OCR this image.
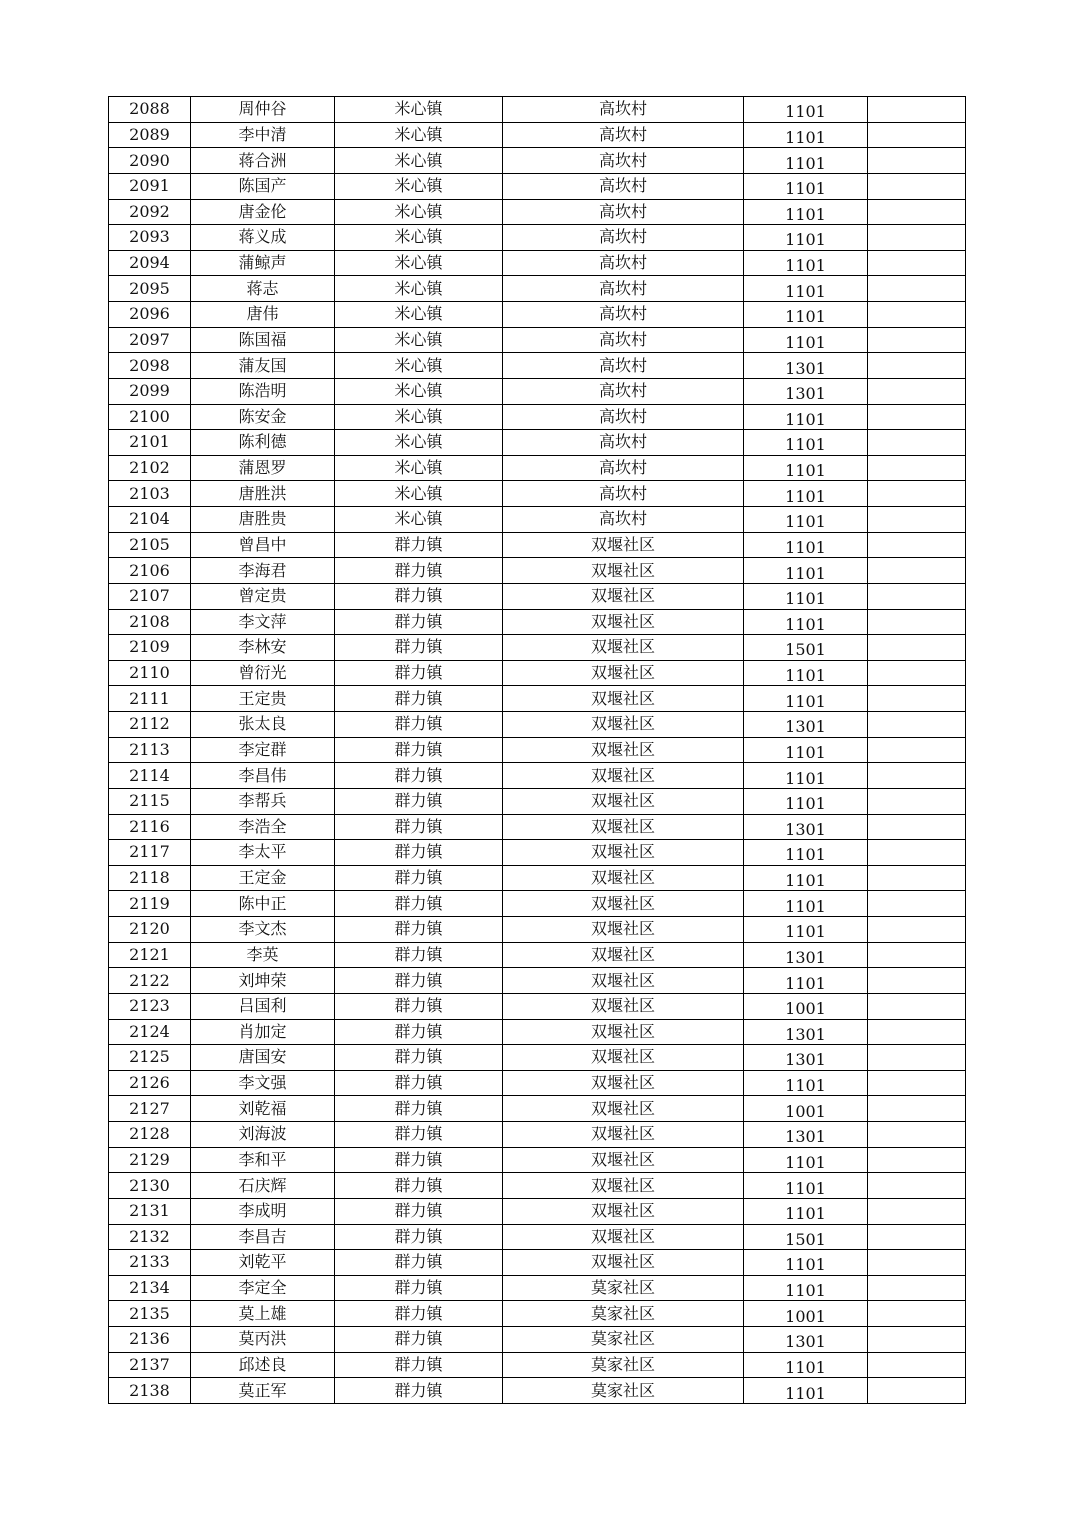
2088	周仲谷	米心镇	高坎村	1101	
2089	李中清	米心镇	高坎村	1101	
2090	蒋合洲	米心镇	高坎村	1101	
2091	陈国产	米心镇	高坎村	1101	
2092	唐金伦	米心镇	高坎村	1101	
2093	蒋义成	米心镇	高坎村	1101	
2094	蒲鲸声	米心镇	高坎村	1101	
2095	蒋志	米心镇	高坎村	1101	
2096	唐伟	米心镇	高坎村	1101	
2097	陈国福	米心镇	高坎村	1101	
2098	蒲友国	米心镇	高坎村	1301	
2099	陈浩明	米心镇	高坎村	1301	
2100	陈安金	米心镇	高坎村	1101	
2101	陈利德	米心镇	高坎村	1101	
2102	蒲恩罗	米心镇	高坎村	1101	
2103	唐胜洪	米心镇	高坎村	1101	
2104	唐胜贵	米心镇	高坎村	1101	
2105	曾昌中	群力镇	双堰社区	1101	
2106	李海君	群力镇	双堰社区	1101	
2107	曾定贵	群力镇	双堰社区	1101	
2108	李文萍	群力镇	双堰社区	1101	
2109	李林安	群力镇	双堰社区	1501	
2110	曾衍光	群力镇	双堰社区	1101	
2111	王定贵	群力镇	双堰社区	1101	
2112	张太良	群力镇	双堰社区	1301	
2113	李定群	群力镇	双堰社区	1101	
2114	李昌伟	群力镇	双堰社区	1101	
2115	李帮兵	群力镇	双堰社区	1101	
2116	李浩全	群力镇	双堰社区	1301	
2117	李太平	群力镇	双堰社区	1101	
2118	王定金	群力镇	双堰社区	1101	
2119	陈中正	群力镇	双堰社区	1101	
2120	李文杰	群力镇	双堰社区	1101	
2121	李英	群力镇	双堰社区	1301	
2122	刘坤荣	群力镇	双堰社区	1101	
2123	吕国利	群力镇	双堰社区	1001	
2124	肖加定	群力镇	双堰社区	1301	
2125	唐国安	群力镇	双堰社区	1301	
2126	李文强	群力镇	双堰社区	1101	
2127	刘乾福	群力镇	双堰社区	1001	
2128	刘海波	群力镇	双堰社区	1301	
2129	李和平	群力镇	双堰社区	1101	
2130	石庆辉	群力镇	双堰社区	1101	
2131	李成明	群力镇	双堰社区	1101	
2132	李昌吉	群力镇	双堰社区	1501	
2133	刘乾平	群力镇	双堰社区	1101	
2134	李定全	群力镇	莫家社区	1101	
2135	莫上雄	群力镇	莫家社区	1001	
2136	莫丙洪	群力镇	莫家社区	1301	
2137	邱述良	群力镇	莫家社区	1101	
2138	莫正军	群力镇	莫家社区	1101	
